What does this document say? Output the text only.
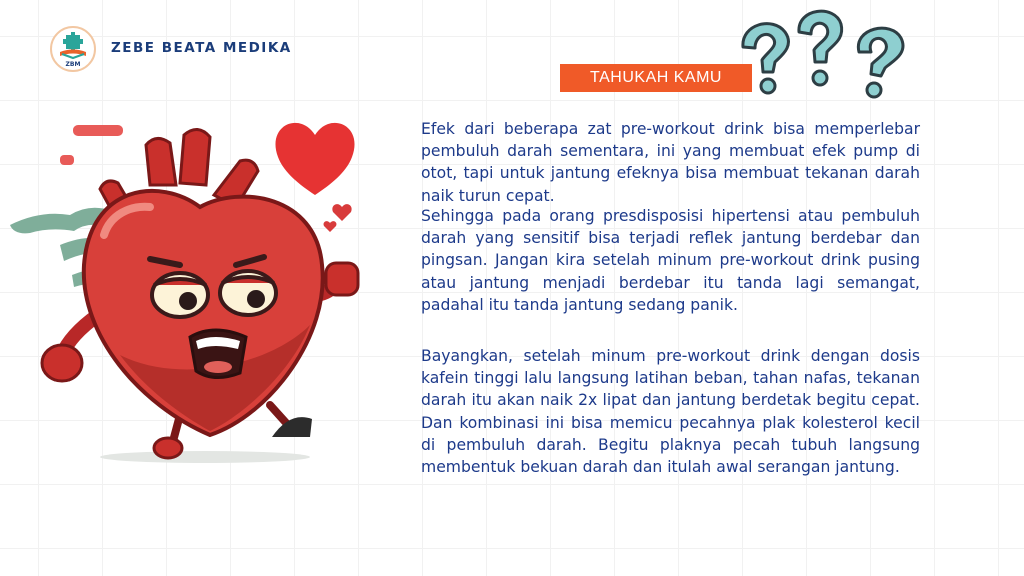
ZBM
ZEBE BEATA MEDIKA
TAHUKAH KAMU

Efek dari beberapa zat pre-workout drink bisa memperlebar pembuluh darah sementara, ini yang membuat efek pump di otot, tapi untuk jantung efeknya bisa membuat tekanan darah naik turun cepat.

Sehingga pada orang presdisposisi hipertensi atau pembuluh darah yang sensitif bisa terjadi reflek jantung berdebar dan pingsan. Jangan kira setelah minum pre-workout drink pusing atau jantung menjadi berdebar itu tanda lagi semangat, padahal itu tanda jantung sedang panik.

Bayangkan, setelah minum pre-workout drink dengan dosis kafein tinggi lalu langsung latihan beban, tahan nafas, tekanan darah itu akan naik 2x lipat dan jantung berdetak begitu cepat. Dan kombinasi ini bisa memicu pecahnya plak kolesterol kecil di pembuluh darah. Begitu plaknya pecah tubuh langsung membentuk bekuan darah dan itulah awal serangan jantung.
